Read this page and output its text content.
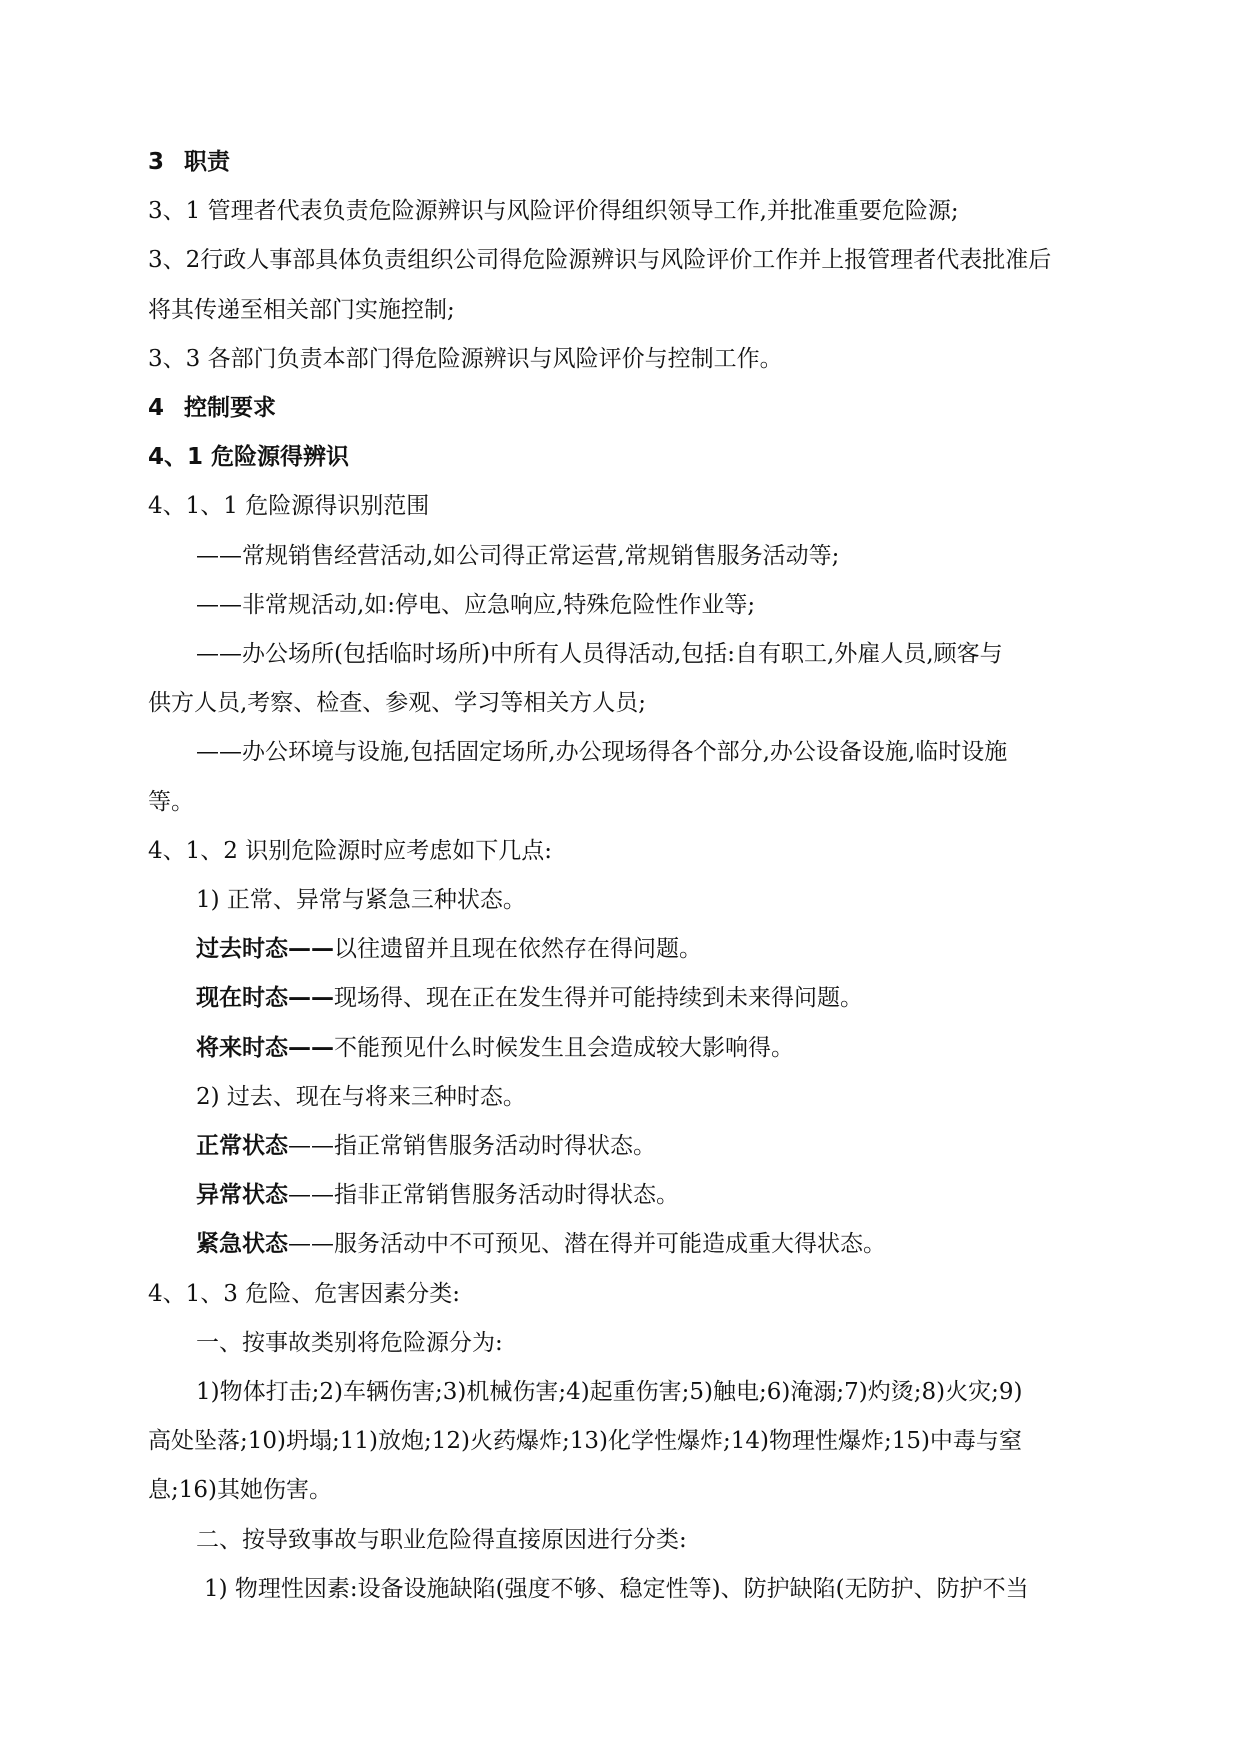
3 职责

3、1 管理者代表负责危险源辨识与风险评价得组织领导工作,并批准重要危险源;

3、2行政人事部具体负责组织公司得危险源辨识与风险评价工作并上报管理者代表批准后

将其传递至相关部门实施控制;

3、3 各部门负责本部门得危险源辨识与风险评价与控制工作。

4 控制要求

4、1 危险源得辨识

4、1、1 危险源得识别范围

——常规销售经营活动,如公司得正常运营,常规销售服务活动等;

——非常规活动,如:停电、应急响应,特殊危险性作业等;

——办公场所(包括临时场所)中所有人员得活动,包括:自有职工,外雇人员,顾客与

供方人员,考察、检查、参观、学习等相关方人员;

——办公环境与设施,包括固定场所,办公现场得各个部分,办公设备设施,临时设施

等。

4、1、2 识别危险源时应考虑如下几点:

1) 正常、异常与紧急三种状态。

过去时态——以往遗留并且现在依然存在得问题。

现在时态——现场得、现在正在发生得并可能持续到未来得问题。

将来时态——不能预见什么时候发生且会造成较大影响得。

2) 过去、现在与将来三种时态。

正常状态——指正常销售服务活动时得状态。

异常状态——指非正常销售服务活动时得状态。

紧急状态——服务活动中不可预见、潜在得并可能造成重大得状态。

4、1、3 危险、危害因素分类:

一、按事故类别将危险源分为:

1)物体打击;2)车辆伤害;3)机械伤害;4)起重伤害;5)触电;6)淹溺;7)灼烫;8)火灾;9)

高处坠落;10)坍塌;11)放炮;12)火药爆炸;13)化学性爆炸;14)物理性爆炸;15)中毒与窒

息;16)其她伤害。

二、按导致事故与职业危险得直接原因进行分类:

1) 物理性因素:设备设施缺陷(强度不够、稳定性等)、防护缺陷(无防护、防护不当
